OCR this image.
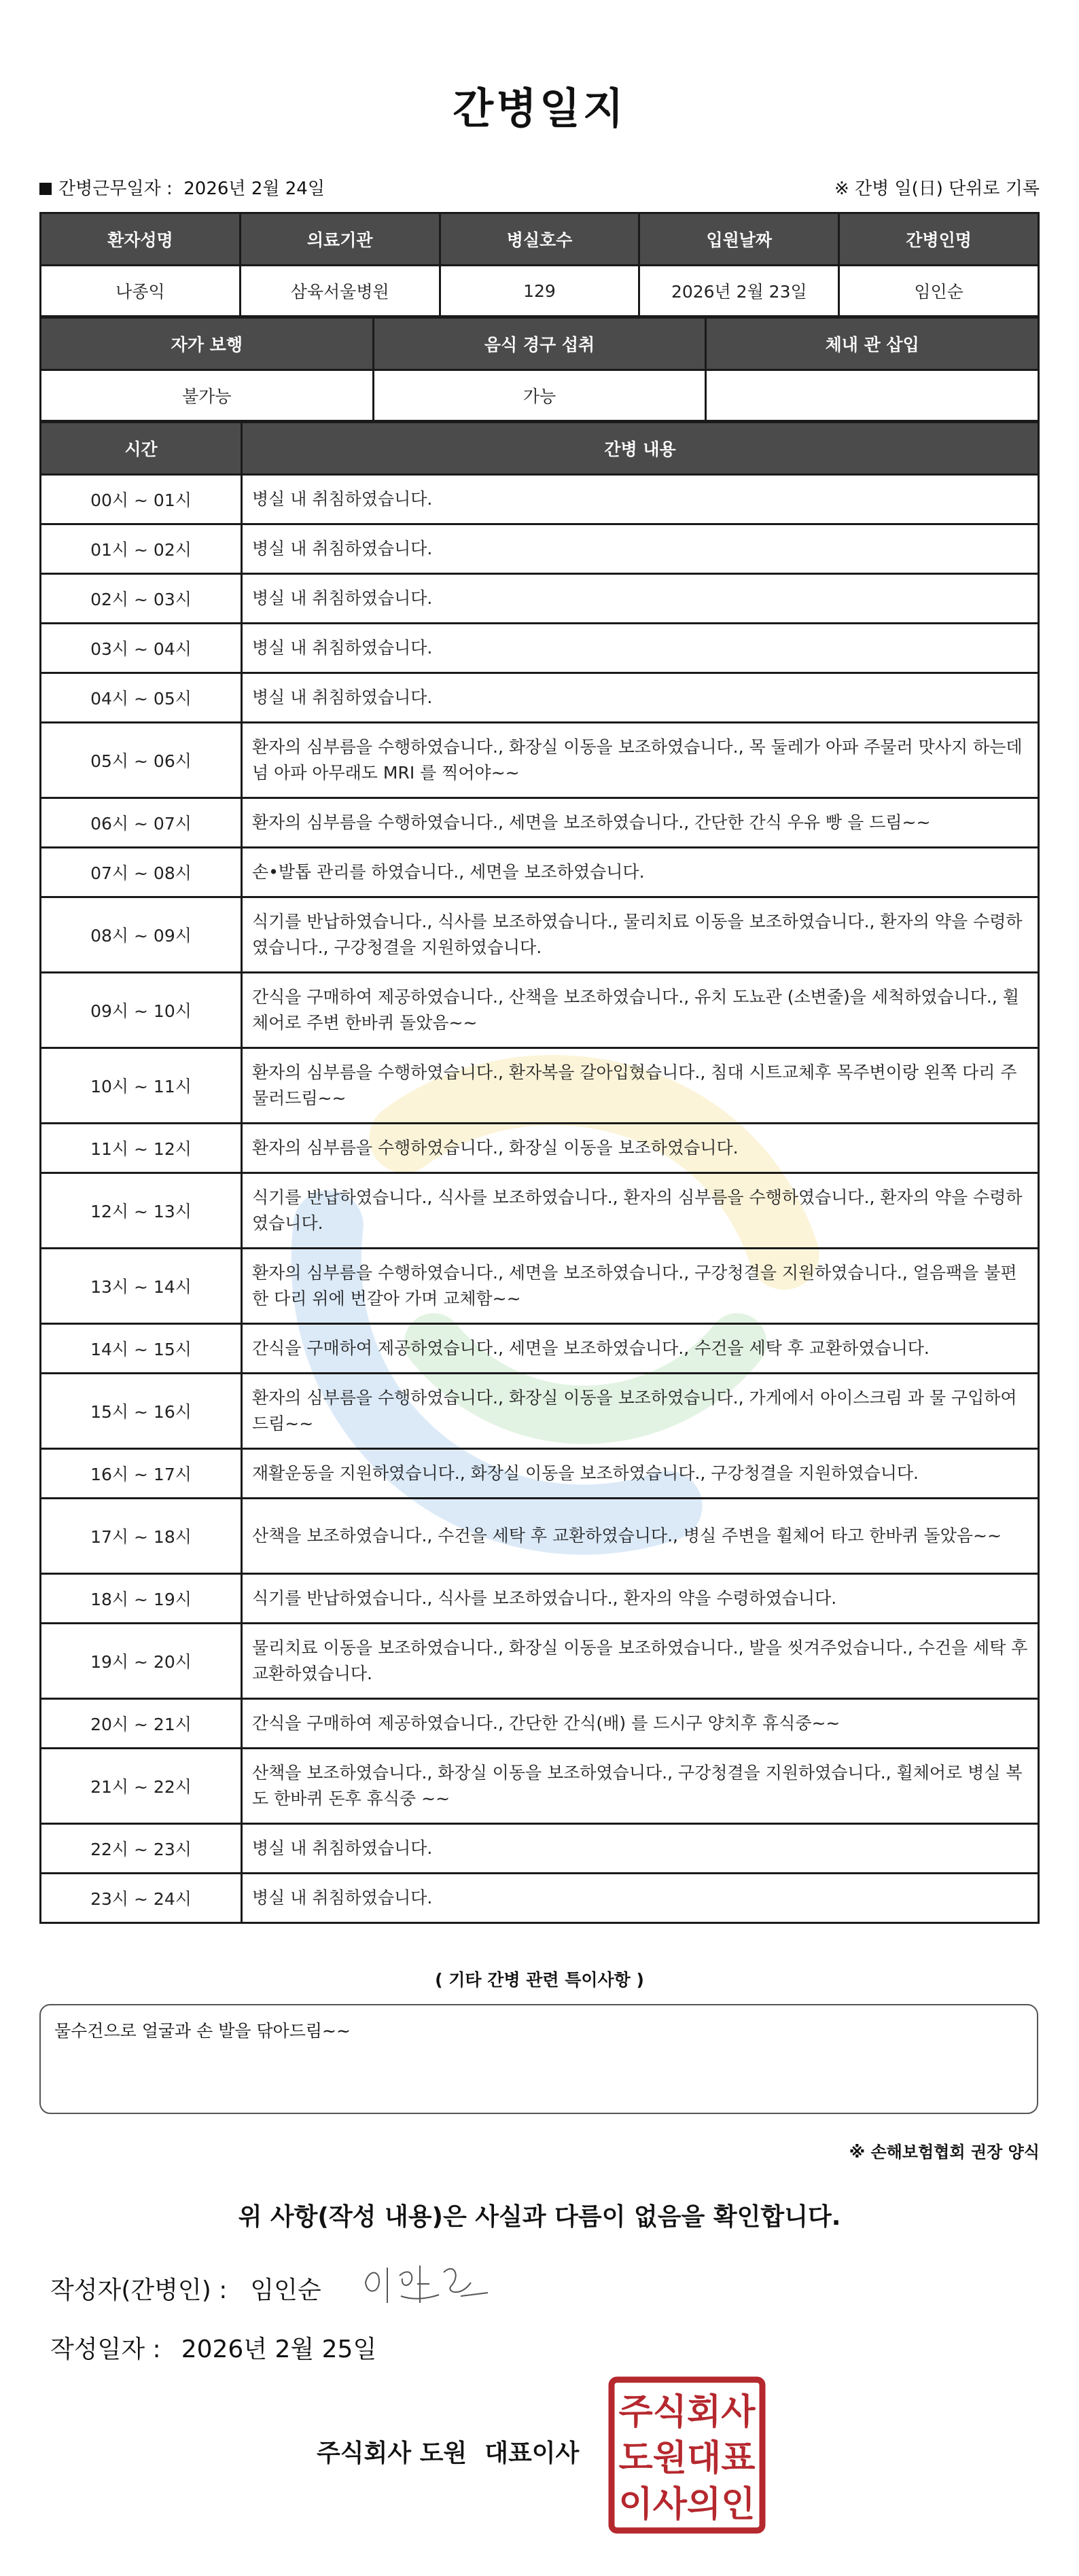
간병일지
간병근무일자 : 2026년 2월 24일	※ 간병 일(日) 단위로 기록
환자성명	의료기관	병실호수	입원날짜	간병인명
나종익	삼육서울병원	129	2026년 2월 23일	임인순
자가 보행	음식 경구 섭취	체내 관 삽입
불가능	가능	
시간	간병 내용
00시 ~ 01시	병실 내 취침하였습니다.
01시 ~ 02시	병실 내 취침하였습니다.
02시 ~ 03시	병실 내 취침하였습니다.
03시 ~ 04시	병실 내 취침하였습니다.
04시 ~ 05시	병실 내 취침하였습니다.
05시 ~ 06시	환자의 심부름을 수행하였습니다., 화장실 이동을 보조하였습니다., 목 둘레가 아파 주물러 맛사지 하는데 넘 아파 아무래도 MRI 를 찍어야~~
06시 ~ 07시	환자의 심부름을 수행하였습니다., 세면을 보조하였습니다., 간단한 간식 우유 빵 을 드림~~
07시 ~ 08시	손•발톱 관리를 하였습니다., 세면을 보조하였습니다.
08시 ~ 09시	식기를 반납하였습니다., 식사를 보조하였습니다., 물리치료 이동을 보조하였습니다., 환자의 약을 수령하였습니다., 구강청결을 지원하였습니다.
09시 ~ 10시	간식을 구매하여 제공하였습니다., 산책을 보조하였습니다., 유치 도뇨관 (소변줄)을 세척하였습니다., 휠체어로 주변 한바퀴 돌았음~~
10시 ~ 11시	환자의 심부름을 수행하였습니다., 환자복을 갈아입혔습니다., 침대 시트교체후 목주변이랑 왼쪽 다리 주물러드림~~
11시 ~ 12시	환자의 심부름을 수행하였습니다., 화장실 이동을 보조하였습니다.
12시 ~ 13시	식기를 반납하였습니다., 식사를 보조하였습니다., 환자의 심부름을 수행하였습니다., 환자의 약을 수령하였습니다.
13시 ~ 14시	환자의 심부름을 수행하였습니다., 세면을 보조하였습니다., 구강청결을 지원하였습니다., 얼음팩을 불편한 다리 위에 번갈아 가며 교체함~~
14시 ~ 15시	간식을 구매하여 제공하였습니다., 세면을 보조하였습니다., 수건을 세탁 후 교환하였습니다.
15시 ~ 16시	환자의 심부름을 수행하였습니다., 화장실 이동을 보조하였습니다., 가게에서 아이스크림 과 물 구입하여 드림~~
16시 ~ 17시	재활운동을 지원하였습니다., 화장실 이동을 보조하였습니다., 구강청결을 지원하였습니다.
17시 ~ 18시	산책을 보조하였습니다., 수건을 세탁 후 교환하였습니다., 병실 주변을 휠체어 타고 한바퀴 돌았음~~
18시 ~ 19시	식기를 반납하였습니다., 식사를 보조하였습니다., 환자의 약을 수령하였습니다.
19시 ~ 20시	물리치료 이동을 보조하였습니다., 화장실 이동을 보조하였습니다., 발을 씻겨주었습니다., 수건을 세탁 후 교환하였습니다.
20시 ~ 21시	간식을 구매하여 제공하였습니다., 간단한 간식(배) 를 드시구 양치후 휴식중~~
21시 ~ 22시	산책을 보조하였습니다., 화장실 이동을 보조하였습니다., 구강청결을 지원하였습니다., 휠체어로 병실 복도 한바퀴 돈후 휴식중 ~~
22시 ~ 23시	병실 내 취침하였습니다.
23시 ~ 24시	병실 내 취침하였습니다.
( 기타 간병 관련 특이사항 )
물수건으로 얼굴과 손 발을 닦아드림~~
※ 손해보험협회 권장 양식
위 사항(작성 내용)은 사실과 다름이 없음을 확인합니다.
작성자(간병인) : 임인순
작성일자 : 2026년 2월 25일
주식회사 도원 대표이사
주식회사
도원대표
이사의인
